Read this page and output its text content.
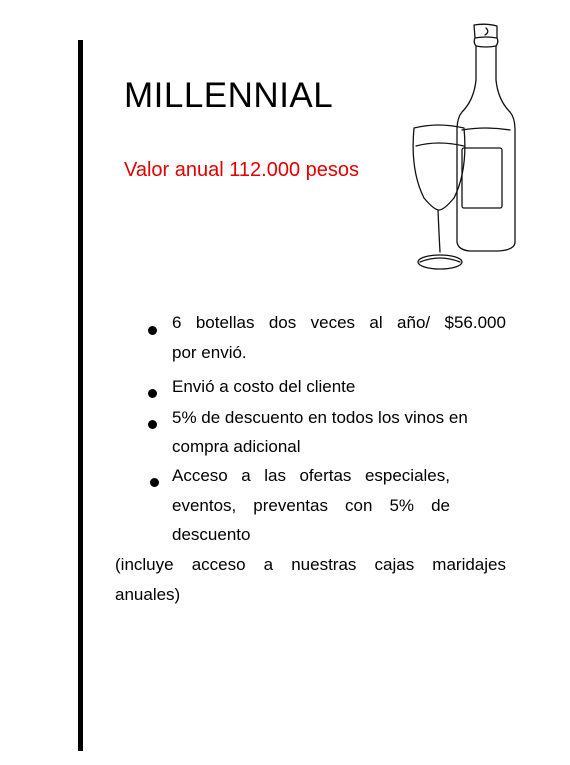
MILLENNIAL
Valor anual 112.000 pesos
6 botellas dos veces al año/ $56.000
por envió.
Envió a costo del cliente
5% de descuento en todos los vinos en
compra adicional
Acceso a las ofertas especiales,
eventos, preventas con 5% de
descuento
(incluye acceso a nuestras cajas maridajes
anuales)
